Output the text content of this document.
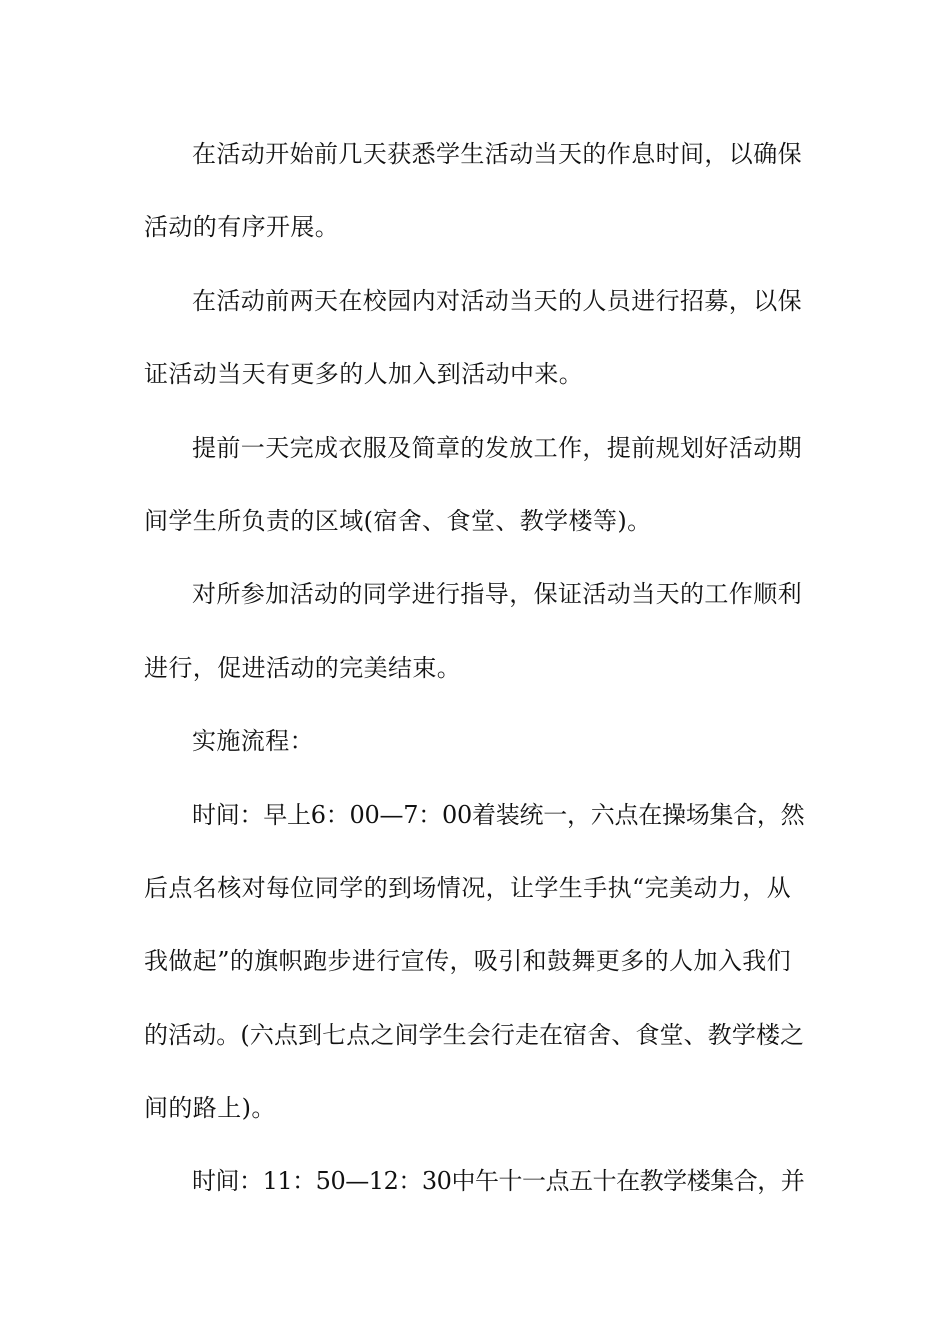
在活动开始前几天获悉学生活动当天的作息时间，以确保
活动的有序开展。
在活动前两天在校园内对活动当天的人员进行招募，以保
证活动当天有更多的人加入到活动中来。
提前一天完成衣服及简章的发放工作，提前规划好活动期
间学生所负责的区域(宿舍、食堂、教学楼等)。
对所参加活动的同学进行指导，保证活动当天的工作顺利
进行，促进活动的完美结束。
实施流程：
时间：早上6：00—7：00着装统一，六点在操场集合，然
后点名核对每位同学的到场情况，让学生手执“完美动力，从
我做起”的旗帜跑步进行宣传，吸引和鼓舞更多的人加入我们
的活动。(六点到七点之间学生会行走在宿舍、食堂、教学楼之
间的路上)。
时间：11：50—12：30中午十一点五十在教学楼集合，并
